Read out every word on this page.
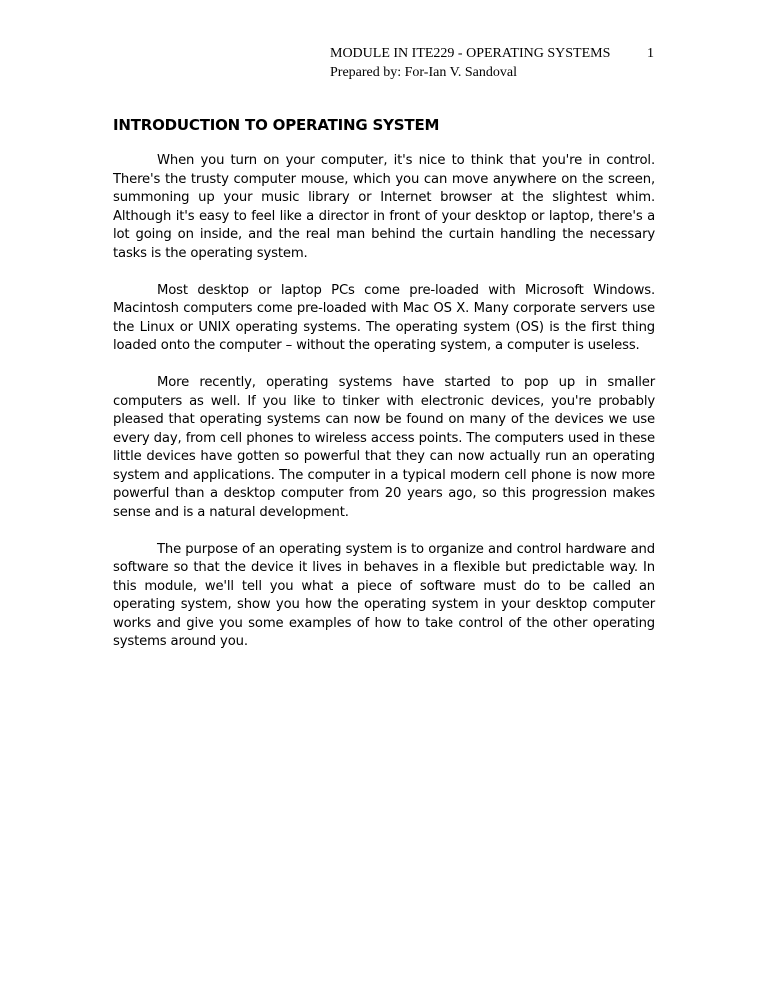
MODULE IN ITE229 - OPERATING SYSTEMS
Prepared by: For-Ian V. Sandoval
1
INTRODUCTION TO OPERATING SYSTEM

When you turn on your computer, it's nice to think that you're in control. There's the trusty computer mouse, which you can move anywhere on the screen, summoning up your music library or Internet browser at the slightest whim. Although it's easy to feel like a director in front of your desktop or laptop, there's a lot going on inside, and the real man behind the curtain handling the necessary tasks is the operating system.

Most desktop or laptop PCs come pre-loaded with Microsoft Windows. Macintosh computers come pre-loaded with Mac OS X. Many corporate servers use the Linux or UNIX operating systems. The operating system (OS) is the first thing loaded onto the computer – without the operating system, a computer is useless.

More recently, operating systems have started to pop up in smaller computers as well. If you like to tinker with electronic devices, you're probably pleased that operating systems can now be found on many of the devices we use every day, from cell phones to wireless access points. The computers used in these little devices have gotten so powerful that they can now actually run an operating system and applications. The computer in a typical modern cell phone is now more powerful than a desktop computer from 20 years ago, so this progression makes sense and is a natural development.

The purpose of an operating system is to organize and control hardware and software so that the device it lives in behaves in a flexible but predictable way. In this module, we'll tell you what a piece of software must do to be called an operating system, show you how the operating system in your desktop computer works and give you some examples of how to take control of the other operating systems around you.
